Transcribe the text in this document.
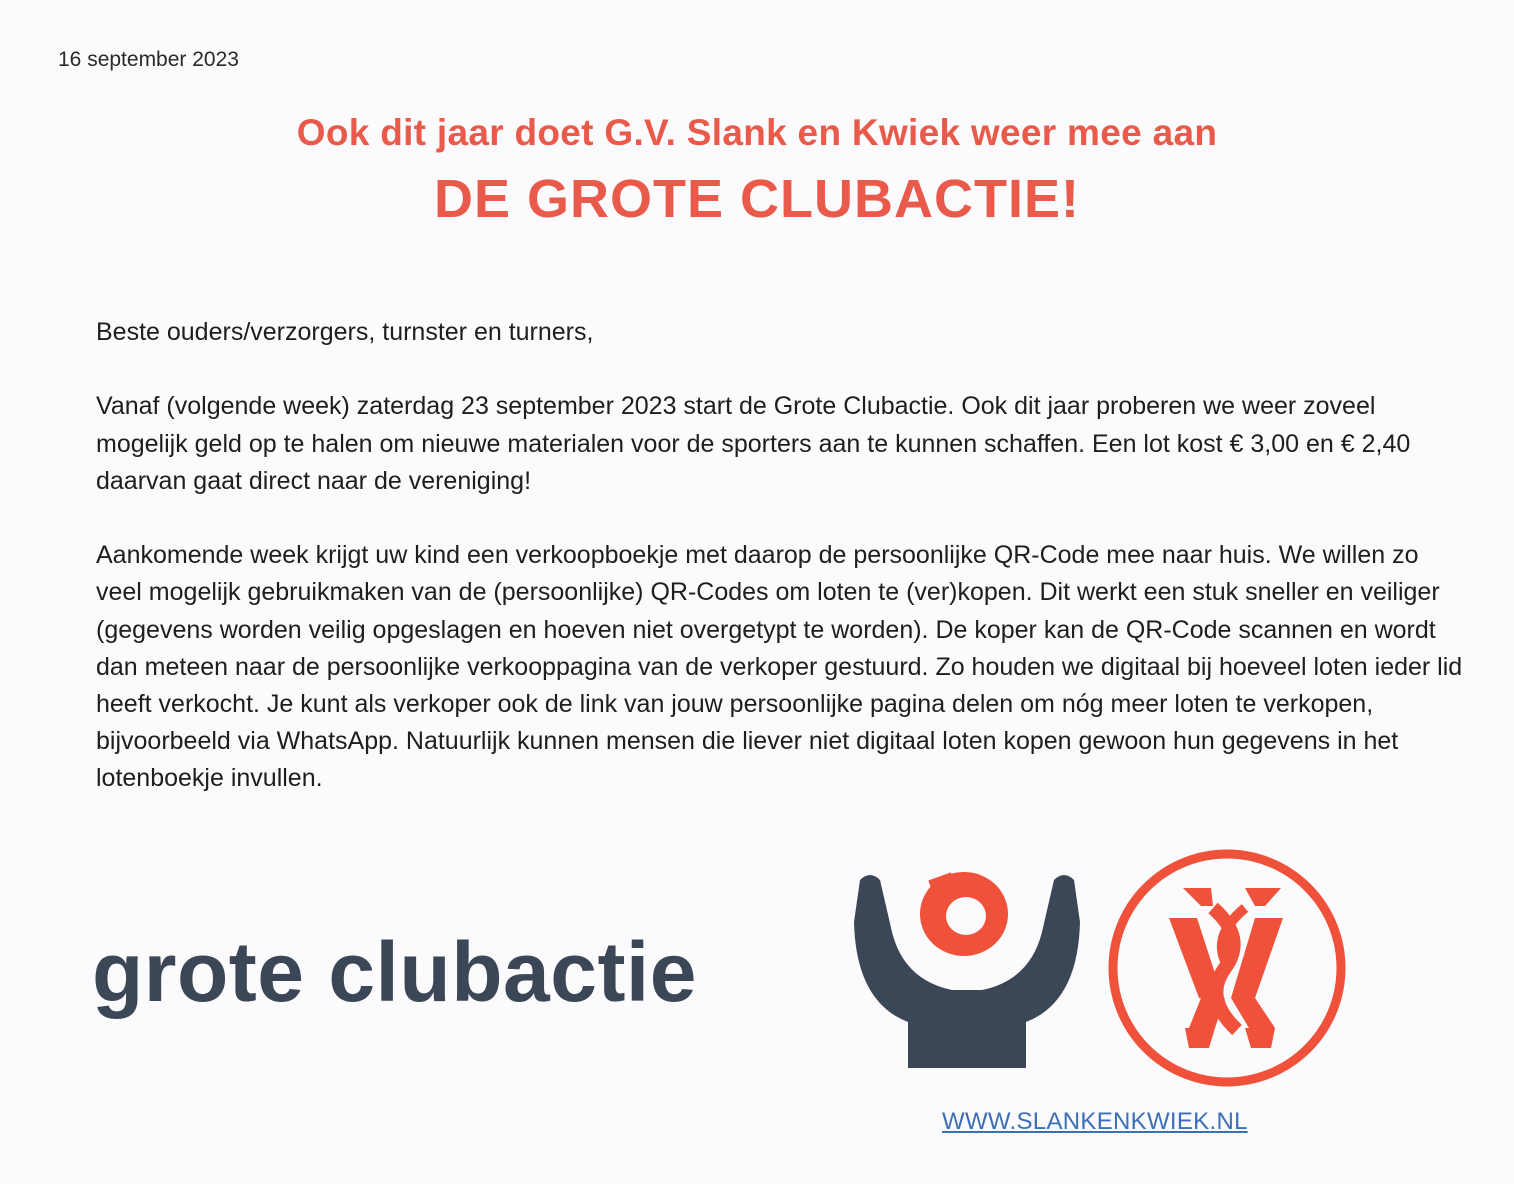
16 september 2023
Ook dit jaar doet G.V. Slank en Kwiek weer mee aan
DE GROTE CLUBACTIE!

Beste ouders/verzorgers, turnster en turners,

Vanaf (volgende week) zaterdag 23 september 2023 start de Grote Clubactie. Ook dit jaar proberen we weer zoveel mogelijk geld op te halen om nieuwe materialen voor de sporters aan te kunnen schaffen. Een lot kost € 3,00 en € 2,40 daarvan gaat direct naar de vereniging!

Aankomende week krijgt uw kind een verkoopboekje met daarop de persoonlijke QR-Code mee naar huis. We willen zo veel mogelijk gebruikmaken van de (persoonlijke) QR-Codes om loten te (ver)kopen. Dit werkt een stuk sneller en veiliger (gegevens worden veilig opgeslagen en hoeven niet overgetypt te worden). De koper kan de QR-Code scannen en wordt dan meteen naar de persoonlijke verkooppagina van de verkoper gestuurd. Zo houden we digitaal bij hoeveel loten ieder lid heeft verkocht. Je kunt als verkoper ook de link van jouw persoonlijke pagina delen om nóg meer loten te verkopen, bijvoorbeeld via WhatsApp. Natuurlijk kunnen mensen die liever niet digitaal loten kopen gewoon hun gegevens in het lotenboekje invullen.

grote clubactie
WWW.SLANKENKWIEK.NL
